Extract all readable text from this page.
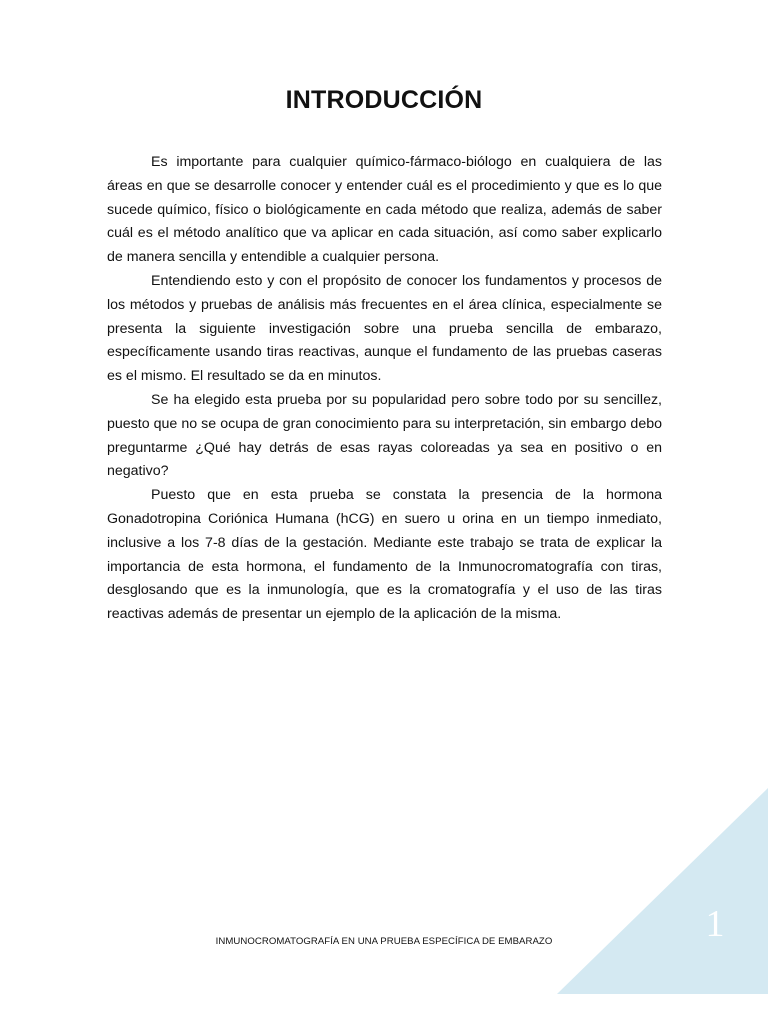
INTRODUCCIÓN

Es importante para cualquier químico-fármaco-biólogo en cualquiera de las áreas en que se desarrolle conocer y entender cuál es el procedimiento y que es lo que sucede químico, físico o biológicamente en cada método que realiza, además de saber cuál es el método analítico que va aplicar en cada situación, así como saber explicarlo de manera sencilla y entendible a cualquier persona.

Entendiendo esto y con el propósito de conocer los fundamentos y procesos de los métodos y pruebas de análisis más frecuentes en el área clínica, especialmente se presenta la siguiente investigación sobre una prueba sencilla de embarazo, específicamente usando tiras reactivas, aunque el fundamento de las pruebas caseras es el mismo. El resultado se da en minutos.

Se ha elegido esta prueba por su popularidad pero sobre todo por su sencillez, puesto que no se ocupa de gran conocimiento para su interpretación, sin embargo debo preguntarme ¿Qué hay detrás de esas rayas coloreadas ya sea en positivo o en negativo?

Puesto que en esta prueba se constata la presencia de la hormona Gonadotropina Coriónica Humana (hCG) en suero u orina en un tiempo inmediato, inclusive a los 7-8 días de la gestación. Mediante este trabajo se trata de explicar la importancia de esta hormona, el fundamento de la Inmunocromatografía con tiras, desglosando que es la inmunología, que es la cromatografía y el uso de las tiras reactivas además de presentar un ejemplo de la aplicación de la misma.

1
INMUNOCROMATOGRAFÍA EN UNA PRUEBA ESPECÍFICA DE EMBARAZO
